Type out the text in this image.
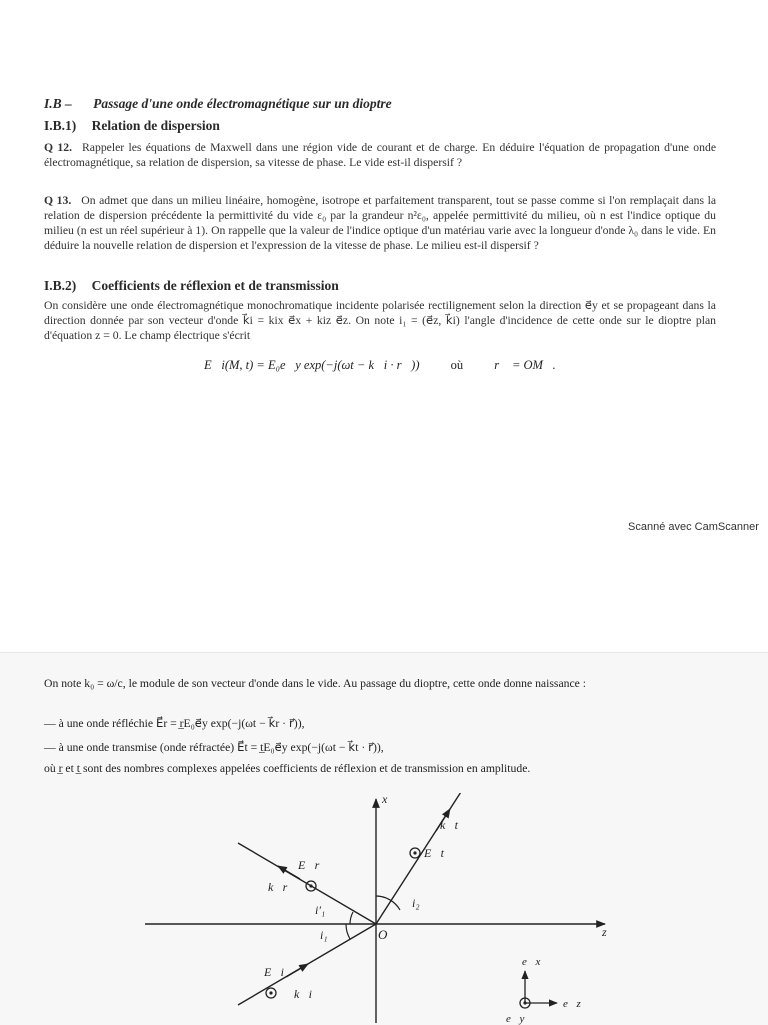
I.B – Passage d'une onde électromagnétique sur un dioptre
I.B.1) Relation de dispersion
Q 12. Rappeler les équations de Maxwell dans une région vide de courant et de charge. En déduire l'équation de propagation d'une onde électromagnétique, sa relation de dispersion, sa vitesse de phase. Le vide est-il dispersif ?
Q 13. On admet que dans un milieu linéaire, homogène, isotrope et parfaitement transparent, tout se passe comme si l'on remplaçait dans la relation de dispersion précédente la permittivité du vide ε₀ par la grandeur n²ε₀, appelée permittivité du milieu, où n est l'indice optique du milieu (n est un réel supérieur à 1). On rappelle que la valeur de l'indice optique d'un matériau varie avec la longueur d'onde λ₀ dans le vide. En déduire la nouvelle relation de dispersion et l'expression de la vitesse de phase. Le milieu est-il dispersif ?
I.B.2) Coefficients de réflexion et de transmission
On considère une onde électromagnétique monochromatique incidente polarisée rectilignement selon la direction e⃗y et se propageant dans la direction donnée par son vecteur d'onde k⃗i = kix e⃗x + kiz e⃗z. On note i₁ = (e⃗z, k⃗i) l'angle d'incidence de cette onde sur le dioptre plan d'équation z = 0. Le champ électrique s'écrit
E⃗i(M, t) = E₀e⃗y exp(−j(ωt − k⃗i · r⃗)) où r⃗ = OM⃗.
Scanné avec CamScanner
On note k₀ = ω/c, le module de son vecteur d'onde dans le vide. Au passage du dioptre, cette onde donne naissance :
— à une onde réfléchie E⃗r = r̲E₀e⃗y exp(−j(ωt − k⃗r · r⃗)),
— à une onde transmise (onde réfractée) E⃗t = t̲E₀e⃗y exp(−j(ωt − k⃗t · r⃗)),
où r̲ et t̲ sont des nombres complexes appelées coefficients de réflexion et de transmission en amplitude.
x
z
O
k⃗t
E⃗t
E⃗r
k⃗r
E⃗i
k⃗i
i₂
i′₁
i₁
e⃗x
e⃗z
e⃗y
